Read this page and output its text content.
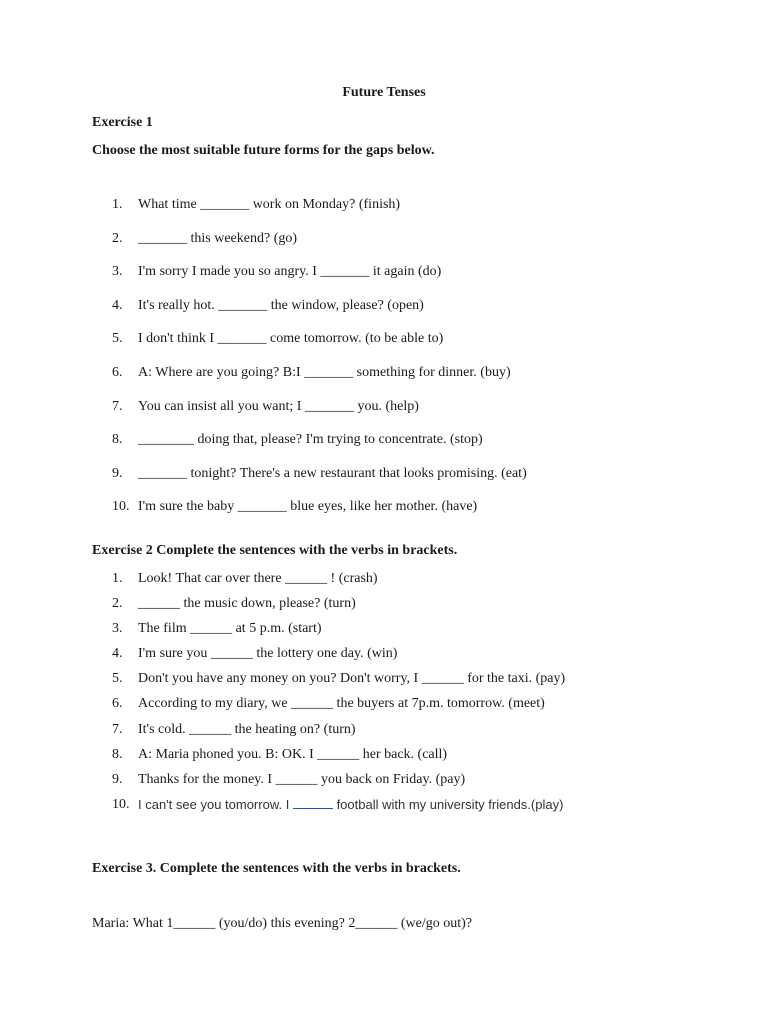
Future Tenses

Exercise 1

Choose the most suitable future forms for the gaps below.

1. What time _______ work on Monday? (finish)
2. _______ this weekend? (go)
3. I'm sorry I made you so angry. I _______ it again (do)
4. It's really hot. _______ the window, please? (open)
5. I don't think I _______ come tomorrow. (to be able to)
6. A: Where are you going? B:I _______ something for dinner. (buy)
7. You can insist all you want; I _______ you. (help)
8. ________ doing that, please? I'm trying to concentrate. (stop)
9. _______ tonight? There's a new restaurant that looks promising. (eat)
10. I'm sure the baby _______ blue eyes, like her mother. (have)

Exercise 2 Complete the sentences with the verbs in brackets.

1. Look! That car over there ______ ! (crash)
2. ______ the music down, please? (turn)
3. The film ______ at 5 p.m. (start)
4. I'm sure you ______ the lottery one day. (win)
5. Don't you have any money on you? Don't worry, I ______ for the taxi. (pay)
6. According to my diary, we ______ the buyers at 7p.m. tomorrow. (meet)
7. It's cold. ______ the heating on? (turn)
8. A: Maria phoned you. B: OK. I ______ her back. (call)
9. Thanks for the money. I ______ you back on Friday. (pay)
10. I can't see you tomorrow. I	football with my university friends.(play)

Exercise 3. Complete the sentences with the verbs in brackets.

Maria: What 1______ (you/do) this evening? 2______ (we/go out)?
